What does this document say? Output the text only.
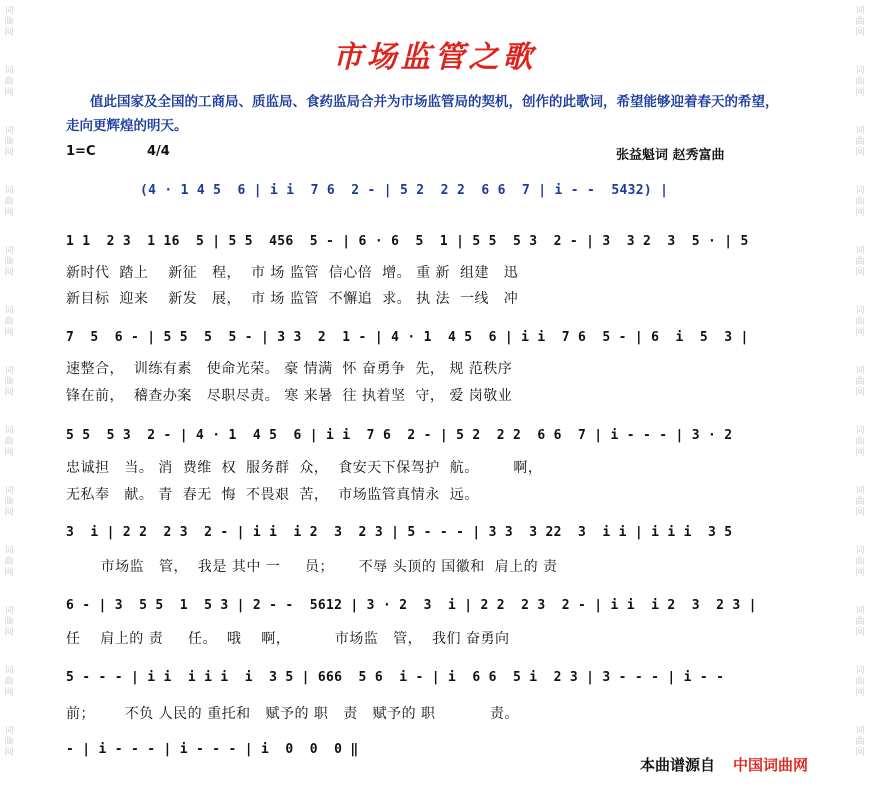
词
曲
网
词
曲
网
词
曲
网
词
曲
网
词
曲
网
词
曲
网
词
曲
网
词
曲
网
词
曲
网
词
曲
网
词
曲
网
词
曲
网
词
曲
网
词
曲
网
词
曲
网
词
曲
网
词
曲
网
词
曲
网
词
曲
网
词
曲
网
词
曲
网
词
曲
网
词
曲
网
词
曲
网
词
曲
网
词
曲
网
市场监管之歌
值此国家及全国的工商局、质监局、食药监局合并为市场监管局的契机，创作的此歌词，希望能够迎着春天的希望，走向更辉煌的明天。
1=C	4/4	张益魁词 赵秀富曲
(4 · 1 4 5  6 | i i  7 6  2 - | 5 2  2 2  6 6  7 | i - -  5432) |
1 1  2 3  1 16  5 | 5 5  456  5 - | 6 · 6  5  1 | 5 5  5 3  2 - | 3  3 2  3  5 · | 5
新时代  踏上    新征   程，  市 场 监管  信心倍  增。 重 新  组建   迅
新目标  迎来    新发   展，  市 场 监管  不懈追  求。 执 法  一线   冲
7  5  6 - | 5 5  5  5 - | 3 3  2  1 - | 4 · 1  4 5  6 | i i  7 6  5 - | 6  i  5  3 |
速整合，  训练有素   使命光荣。 豪 情满  怀 奋勇争  先， 规 范秩序
锋在前，  稽查办案   尽职尽责。 寒 来暑  往 执着坚  守， 爱 岗敬业
5 5  5 3  2 - | 4 · 1  4 5  6 | i i  7 6  2 - | 5 2  2 2  6 6  7 | i - - - | 3 · 2
忠诚担   当。 消  费维  权  服务群  众，  食安天下保驾护  航。       啊，
无私奉   献。 青  春无  悔  不畏艰  苦，  市场监管真情永  远。
3  i | 2 2  2 3  2 - | i i  i 2  3  2 3 | 5 - - - | 3 3  3 22  3  i i | i i i  3 5
市场监   管，  我是 其中 一     员；     不辱 头顶的 国徽和  肩上的 责
6 - | 3  5 5  1  5 3 | 2 - -  5612 | 3 · 2  3  i | 2 2  2 3  2 - | i i  i 2  3  2 3 |
任    肩上的 责     任。  哦    啊，         市场监   管，  我们 奋勇向
5 - - - | i i  i i i  i  3 5 | 666  5 6  i - | i  6 6  5 i  2 3 | 3 - - - | i - -
前；      不负 人民的 重托和   赋予的 职   责   赋予的 职           责。
- | i - - - | i - - - | i  0  0  0 ‖
本曲谱源自 中国词曲网
